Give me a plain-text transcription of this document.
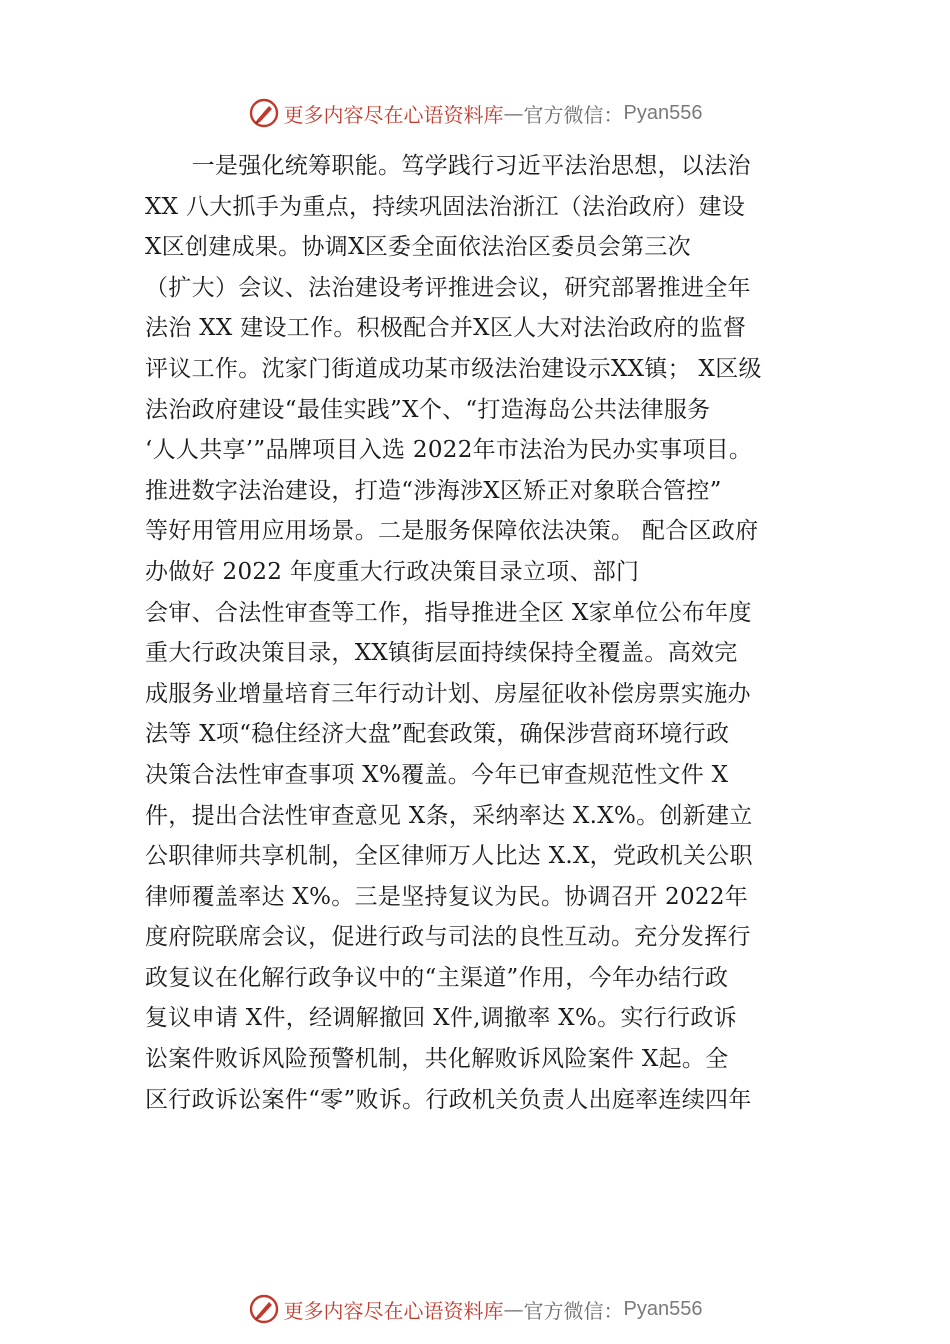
更多内容尽在心语资料库 — 官方微信： Pyan556
　　一是强化统筹职能。笃学践行习近平法治思想，以法治
XX 八大抓手为重点，持续巩固法治浙江（法治政府）建设
X区创建成果。协调X区委全面依法治区委员会第三次
（扩大）会议、法治建设考评推进会议，研究部署推进全年
法治 XX 建设工作。积极配合并X区人大对法治政府的监督
评议工作。沈家门街道成功某市级法治建设示XX镇； X区级
法治政府建设“最佳实践”X个、“打造海岛公共法律服务
‘人人共享’”品牌项目入选 2022年市法治为民办实事项目。
推进数字法治建设，打造“涉海涉X区矫正对象联合管控”
等好用管用应用场景。二是服务保障依法决策。 配合区政府
办做好 2022 年度重大行政决策目录立项、部门
会审、合法性审查等工作，指导推进全区 X家单位公布年度
重大行政决策目录，XX镇街层面持续保持全覆盖。高效完
成服务业增量培育三年行动计划、房屋征收补偿房票实施办
法等 X项“稳住经济大盘”配套政策，确保涉营商环境行政
决策合法性审查事项 X%覆盖。今年已审查规范性文件 X
件，提出合法性审查意见 X条，采纳率达 X.X%。创新建立
公职律师共享机制，全区律师万人比达 X.X，党政机关公职
律师覆盖率达 X%。三是坚持复议为民。协调召开 2022年
度府院联席会议，促进行政与司法的良性互动。充分发挥行
政复议在化解行政争议中的“主渠道”作用，今年办结行政
复议申请 X件，经调解撤回 X件,调撤率 X%。实行行政诉
讼案件败诉风险预警机制，共化解败诉风险案件 X起。全
区行政诉讼案件“零”败诉。行政机关负责人出庭率连续四年
更多内容尽在心语资料库 — 官方微信： Pyan556
